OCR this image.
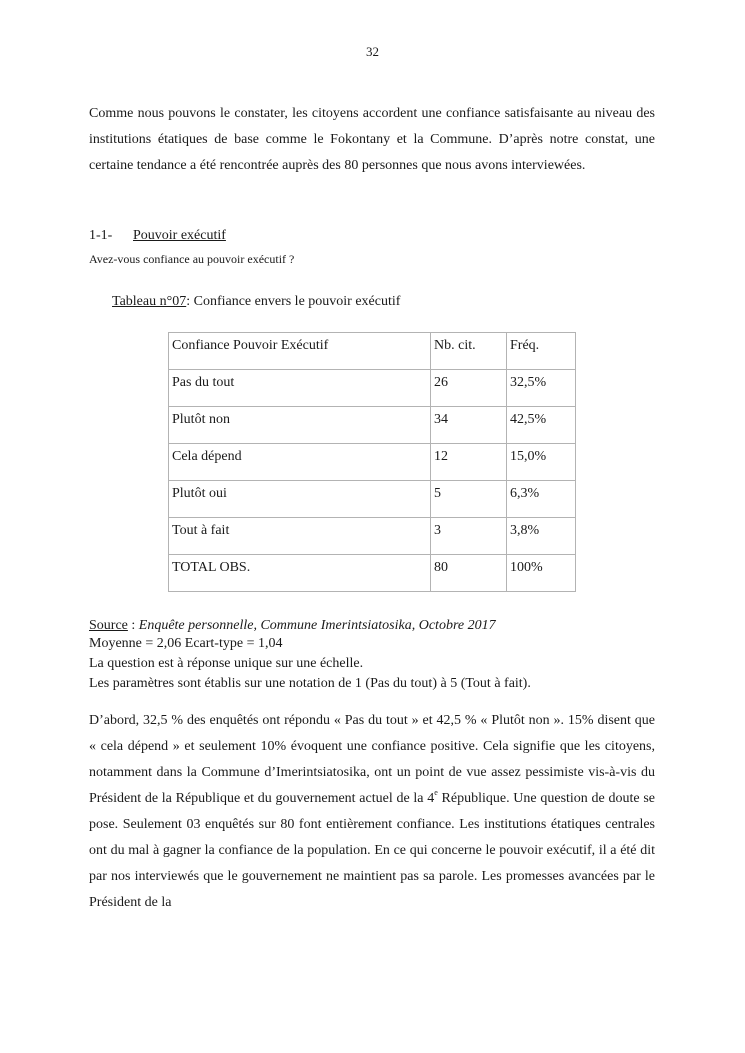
32

Comme nous pouvons le constater, les citoyens accordent une confiance satisfaisante au niveau des institutions étatiques de base comme le Fokontany et la Commune. D’après notre constat, une certaine tendance a été rencontrée auprès des 80 personnes que nous avons interviewées.

1-1- Pouvoir exécutif
Avez-vous confiance au pouvoir exécutif ?
Tableau n°07: Confiance envers le pouvoir exécutif
Confiance Pouvoir Exécutif	Nb. cit.	Fréq.
Pas du tout	26	32,5%
Plutôt non	34	42,5%
Cela dépend	12	15,0%
Plutôt oui	5	6,3%
Tout à fait	3	3,8%
TOTAL OBS.	80	100%
Source : Enquête personnelle, Commune Imerintsiatosika, Octobre 2017
Moyenne = 2,06 Ecart-type = 1,04
La question est à réponse unique sur une échelle.
Les paramètres sont établis sur une notation de 1 (Pas du tout) à 5 (Tout à fait).

D’abord, 32,5 % des enquêtés ont répondu « Pas du tout » et 42,5 % « Plutôt non ». 15% disent que « cela dépend » et seulement 10% évoquent une confiance positive. Cela signifie que les citoyens, notamment dans la Commune d’Imerintsiatosika, ont un point de vue assez pessimiste vis-à-vis du Président de la République et du gouvernement actuel de la 4e République. Une question de doute se pose. Seulement 03 enquêtés sur 80 font entièrement confiance. Les institutions étatiques centrales ont du mal à gagner la confiance de la population. En ce qui concerne le pouvoir exécutif, il a été dit par nos interviewés que le gouvernement ne maintient pas sa parole. Les promesses avancées par le Président de la
